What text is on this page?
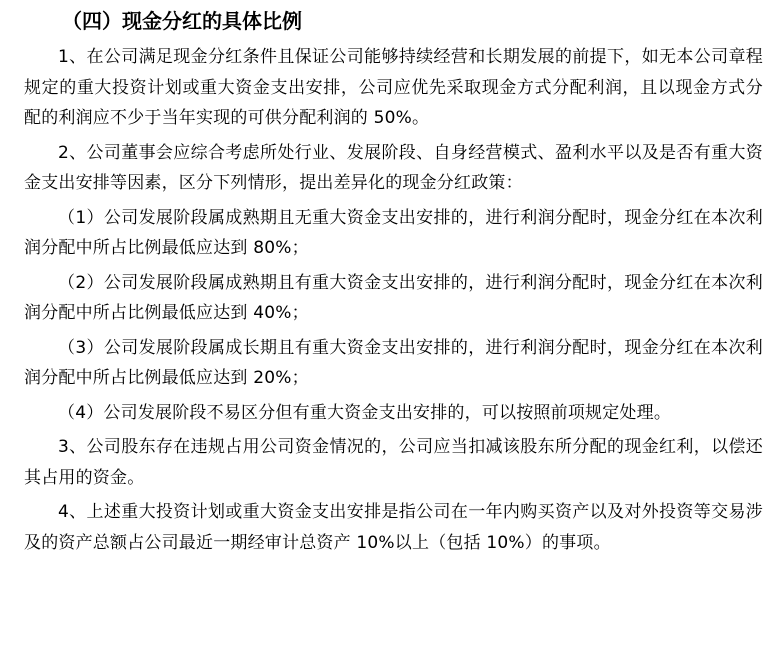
（四）现金分红的具体比例

1、在公司满足现金分红条件且保证公司能够持续经营和长期发展的前提下，如无本公司章程规定的重大投资计划或重大资金支出安排，公司应优先采取现金方式分配利润，且以现金方式分配的利润应不少于当年实现的可供分配利润的 50%。

2、公司董事会应综合考虑所处行业、发展阶段、自身经营模式、盈利水平以及是否有重大资金支出安排等因素，区分下列情形，提出差异化的现金分红政策：

（1）公司发展阶段属成熟期且无重大资金支出安排的，进行利润分配时，现金分红在本次利润分配中所占比例最低应达到 80%；

（2）公司发展阶段属成熟期且有重大资金支出安排的，进行利润分配时，现金分红在本次利润分配中所占比例最低应达到 40%；

（3）公司发展阶段属成长期且有重大资金支出安排的，进行利润分配时，现金分红在本次利润分配中所占比例最低应达到 20%；

（4）公司发展阶段不易区分但有重大资金支出安排的，可以按照前项规定处理。

3、公司股东存在违规占用公司资金情况的，公司应当扣减该股东所分配的现金红利，以偿还其占用的资金。

4、上述重大投资计划或重大资金支出安排是指公司在一年内购买资产以及对外投资等交易涉及的资产总额占公司最近一期经审计总资产 10%以上（包括 10%）的事项。
